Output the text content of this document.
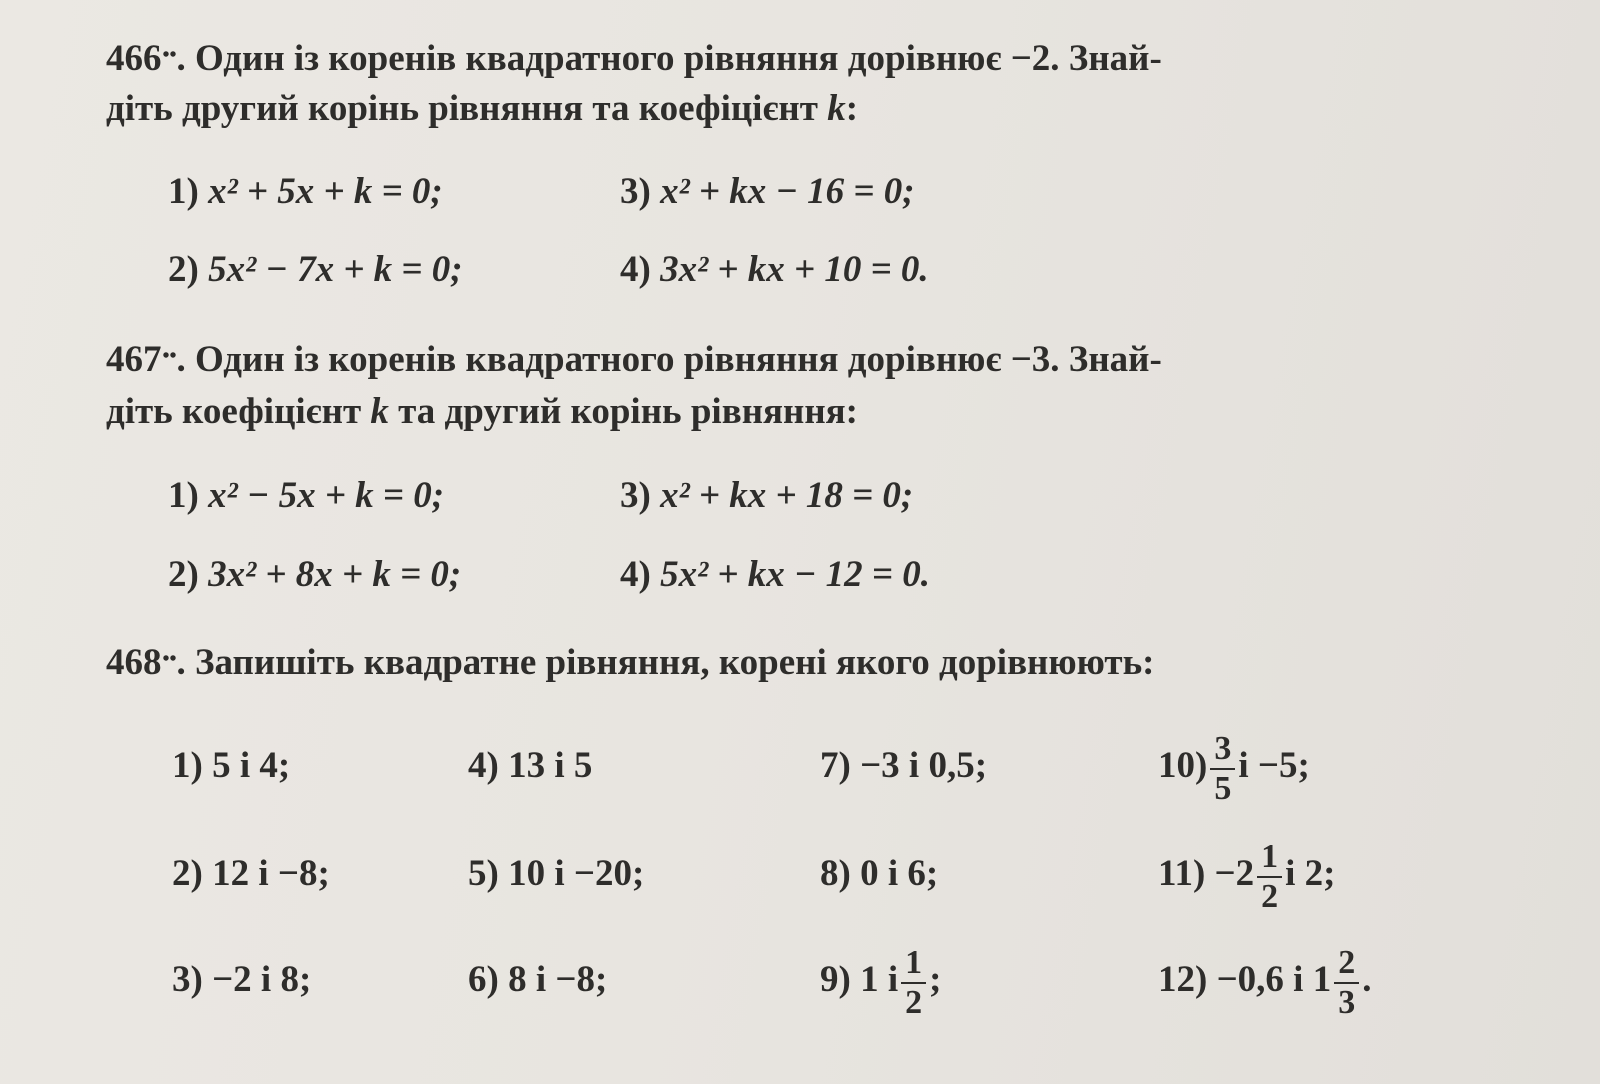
466••. Один із коренів квадратного рівняння дорівнює −2. Знай-
діть другий корінь рівняння та коефіцієнт k:
1) x² + 5x + k = 0;	3) x² + kx − 16 = 0;
2) 5x² − 7x + k = 0;	4) 3x² + kx + 10 = 0.
467••. Один із коренів квадратного рівняння дорівнює −3. Знай-
діть коефіцієнт k та другий корінь рівняння:
1) x² − 5x + k = 0;	3) x² + kx + 18 = 0;
2) 3x² + 8x + k = 0;	4) 5x² + kx − 12 = 0.
468••. Запишіть квадратне рівняння, корені якого дорівнюють:
1) 5 і 4;	4) 13 і 5	7) −3 і 0,5;	$10) \frac{3}{5}$ і −5;
2) 12 і −8;	5) 10 і −20;	8) 0 і 6;	$11) -2 \frac{1}{2}$ і 2;
3) −2 і 8;	6) 8 і −8;	9) 1 і $\frac{1}{2}$ ;	12) −0,6 і $1 \frac{2}{3}$ .
